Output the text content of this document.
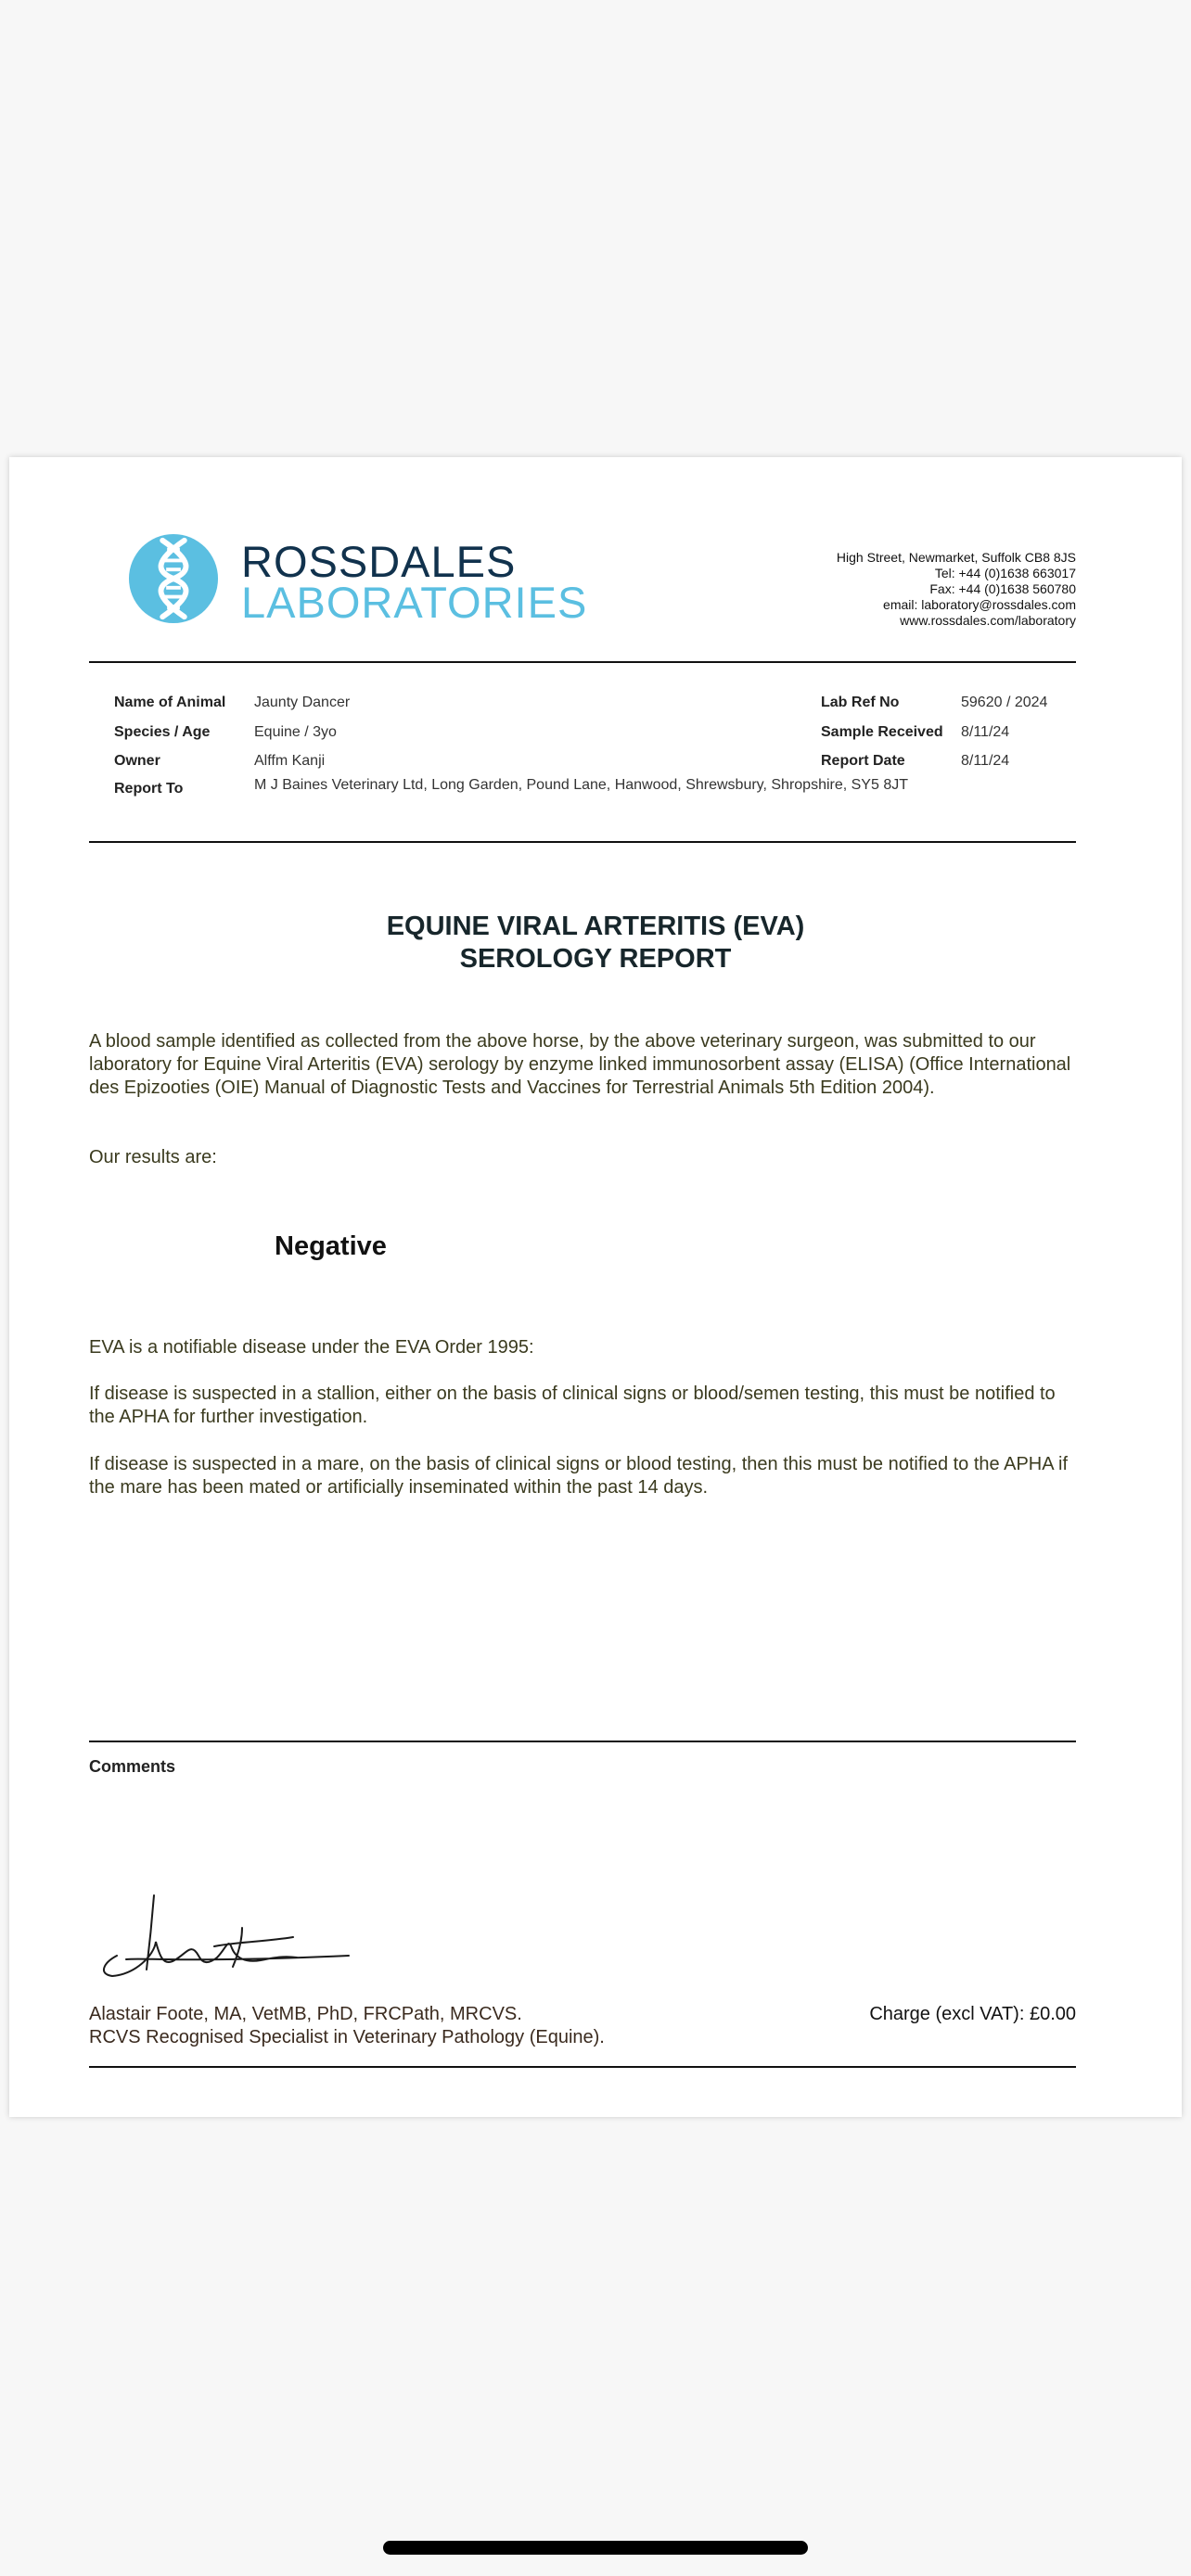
ROSSDALES
LABORATORIES
High Street, Newmarket, Suffolk CB8 8JS
Tel: +44 (0)1638 663017
Fax: +44 (0)1638 560780
email: laboratory@rossdales.com
www.rossdales.com/laboratory
Name of Animal Jaunty Dancer
Species / Age	Equine / 3yo
Owner	Alffm Kanji
Report To	M J Baines Veterinary Ltd, Long Garden, Pound Lane, Hanwood, Shrewsbury, Shropshire, SY5 8JT
Lab Ref No	59620 / 2024
Sample Received 8/11/24
Report Date	8/11/24
EQUINE VIRAL ARTERITIS (EVA)
SEROLOGY REPORT
A blood sample identified as collected from the above horse, by the above veterinary surgeon, was submitted to our laboratory for Equine Viral Arteritis (EVA) serology by enzyme linked immunosorbent assay (ELISA) (Office International des Epizooties (OIE) Manual of Diagnostic Tests and Vaccines for Terrestrial Animals 5th Edition 2004).
Our results are:
Negative
EVA is a notifiable disease under the EVA Order 1995:
If disease is suspected in a stallion, either on the basis of clinical signs or blood/semen testing, this must be notified to the APHA for further investigation.
If disease is suspected in a mare, on the basis of clinical signs or blood testing, then this must be notified to the APHA if the mare has been mated or artificially inseminated within the past 14 days.
Comments
Alastair Foote, MA, VetMB, PhD, FRCPath, MRCVS.
RCVS Recognised Specialist in Veterinary Pathology (Equine).
Charge (excl VAT): £0.00
